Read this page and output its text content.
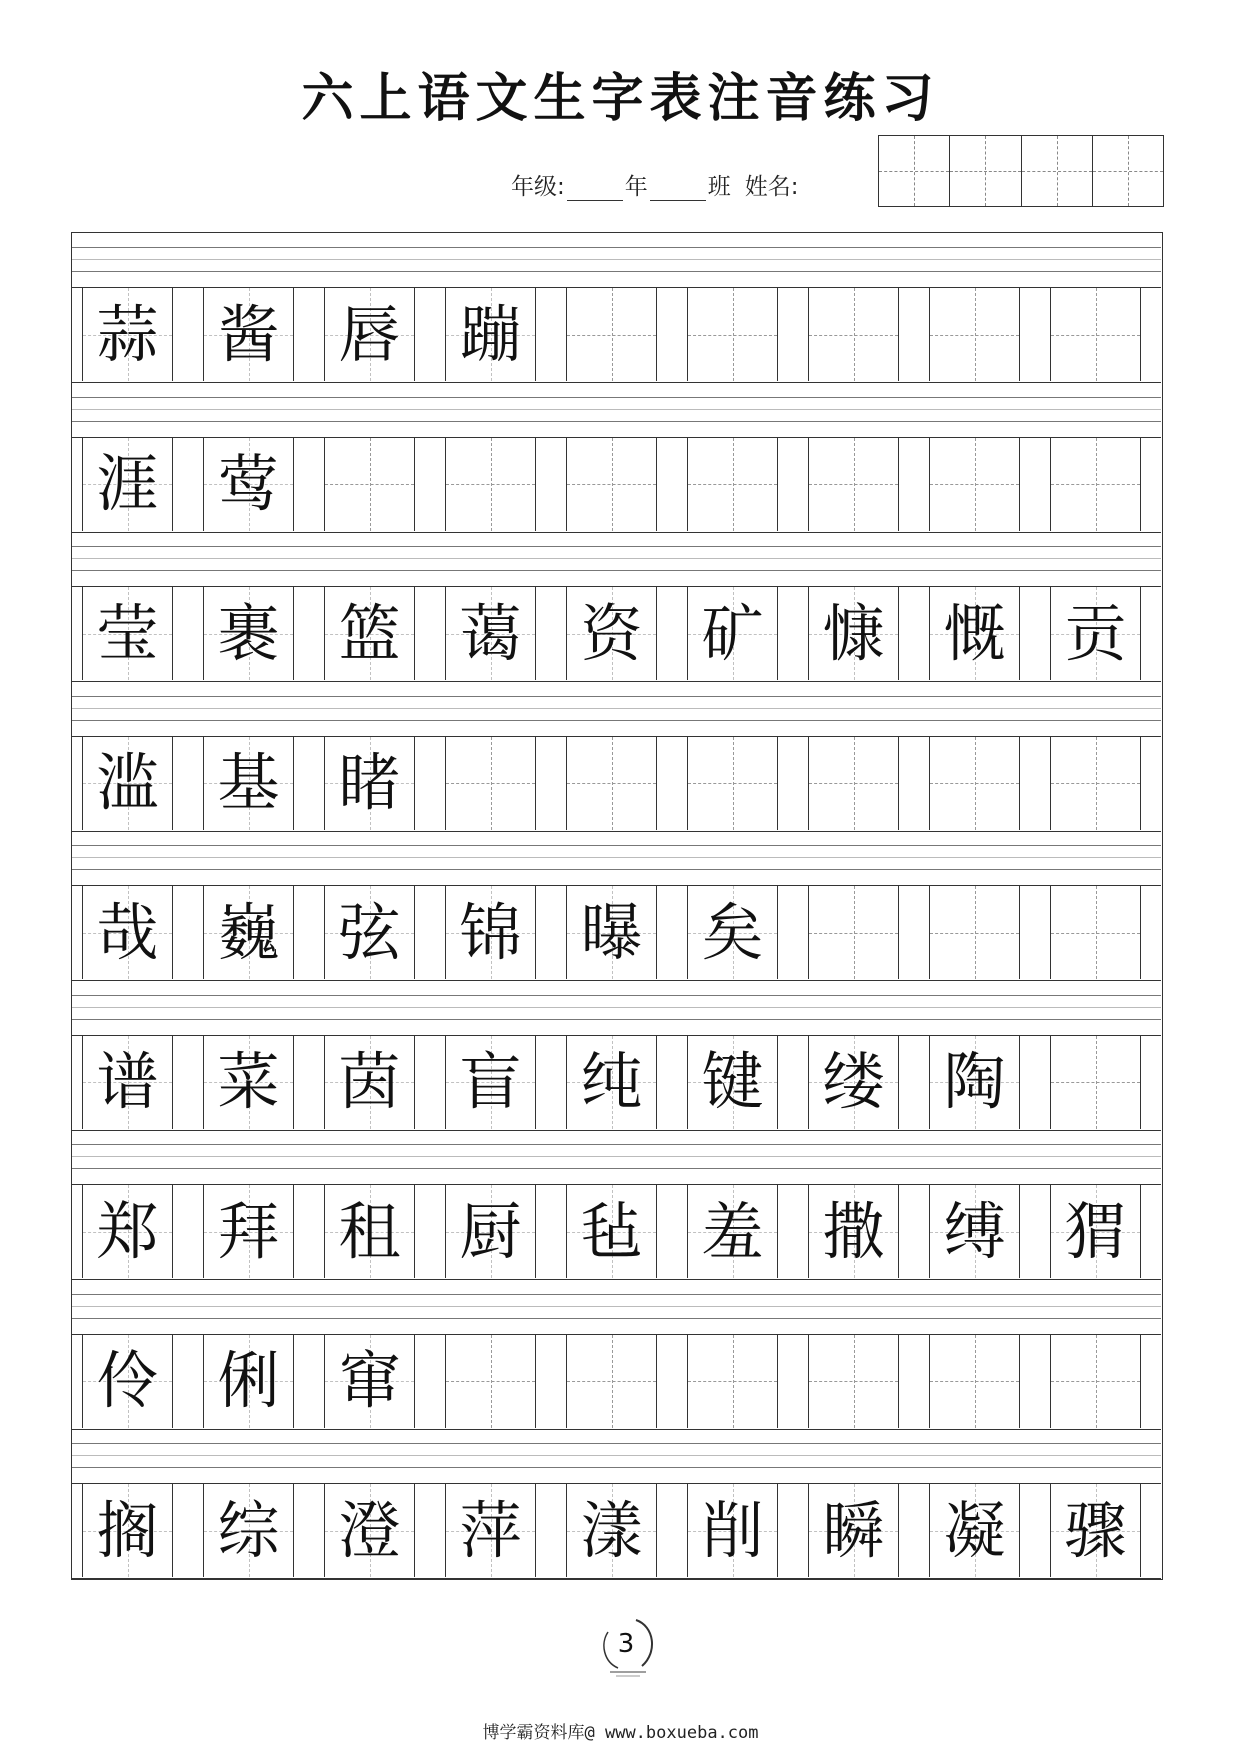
六上语文生字表注音练习
年级:	年	班 姓名:
蒜 酱 唇 蹦
涯 莺
莹 裹 篮 蔼 资 矿 慷 慨 贡
滥 基 睹
哉 巍 弦 锦 曝 矣
谱 菜 茵 盲 纯 键 缕 陶
郑 拜 租 厨 毡 羞 撒 缚 猬
伶 俐 窜
搁 综 澄 萍 漾 削 瞬 凝 骤
3
博学霸资料库@ www.boxueba.com
